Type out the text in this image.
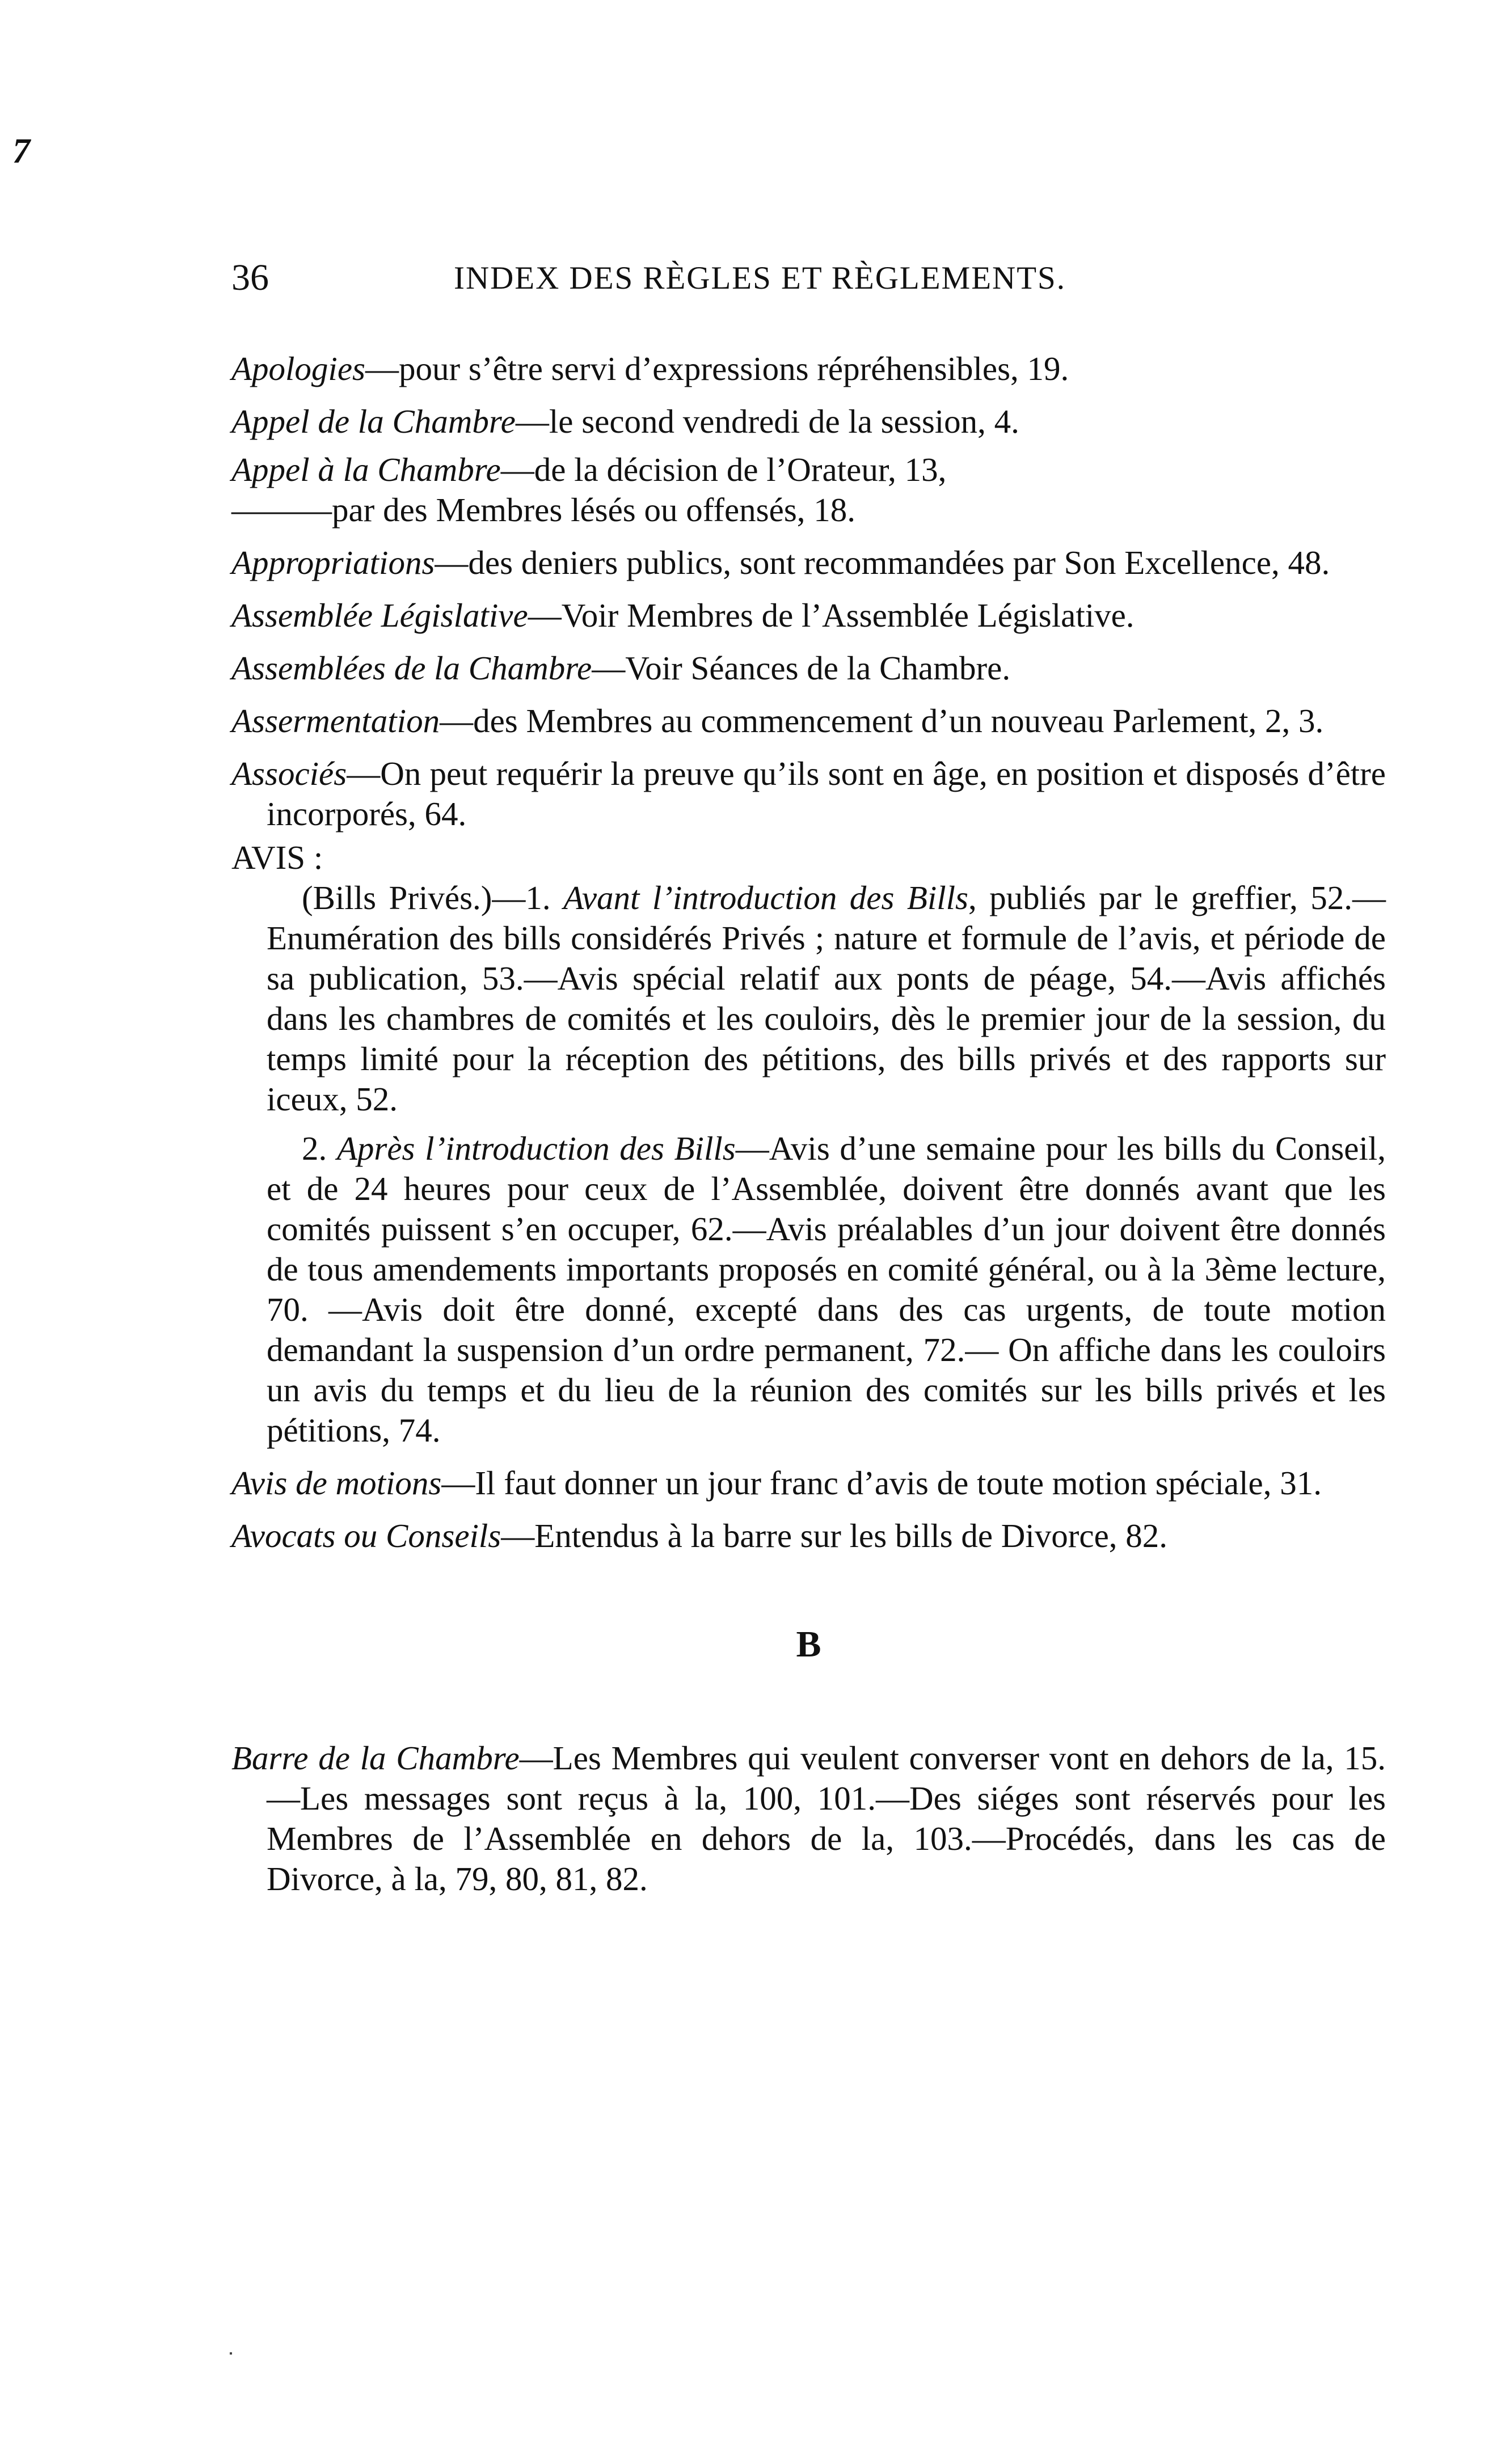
7
36	INDEX DES RÈGLES ET RÈGLEMENTS.

Apologies—pour s’être servi d’expressions répréhensibles, 19.

Appel de la Chambre—le second vendredi de la session, 4.

Appel à la Chambre—de la décision de l’Orateur, 13,

———par des Membres lésés ou offensés, 18.

Appropriations—des deniers publics, sont recommandées par Son Excellence, 48.

Assemblée Législative—Voir Membres de l’Assemblée Législative.

Assemblées de la Chambre—Voir Séances de la Chambre.

Assermentation—des Membres au commencement d’un nouveau Parlement, 2, 3.

Associés—On peut requérir la preuve qu’ils sont en âge, en position et disposés d’être incorporés, 64.

AVIS :

(Bills Privés.)—1. Avant l’introduction des Bills, publiés par le greffier, 52.—Enumération des bills considérés Privés ; nature et formule de l’avis, et période de sa publication, 53.—Avis spécial relatif aux ponts de péage, 54.—Avis affichés dans les chambres de comités et les couloirs, dès le premier jour de la session, du temps limité pour la réception des pétitions, des bills privés et des rapports sur iceux, 52.

2. Après l’introduction des Bills—Avis d’une semaine pour les bills du Conseil, et de 24 heures pour ceux de l’Assemblée, doivent être donnés avant que les comités puissent s’en occuper, 62.—Avis préalables d’un jour doivent être donnés de tous amendements importants proposés en comité général, ou à la 3ème lecture, 70. —Avis doit être donné, excepté dans des cas urgents, de toute motion demandant la suspension d’un ordre permanent, 72.— On affiche dans les couloirs un avis du temps et du lieu de la réunion des comités sur les bills privés et les pétitions, 74.

Avis de motions—Il faut donner un jour franc d’avis de toute motion spéciale, 31.

Avocats ou Conseils—Entendus à la barre sur les bills de Divorce, 82.

B

Barre de la Chambre—Les Membres qui veulent converser vont en dehors de la, 15.—Les messages sont reçus à la, 100, 101.—Des siéges sont réservés pour les Membres de l’Assemblée en dehors de la, 103.—Procédés, dans les cas de Divorce, à la, 79, 80, 81, 82.
